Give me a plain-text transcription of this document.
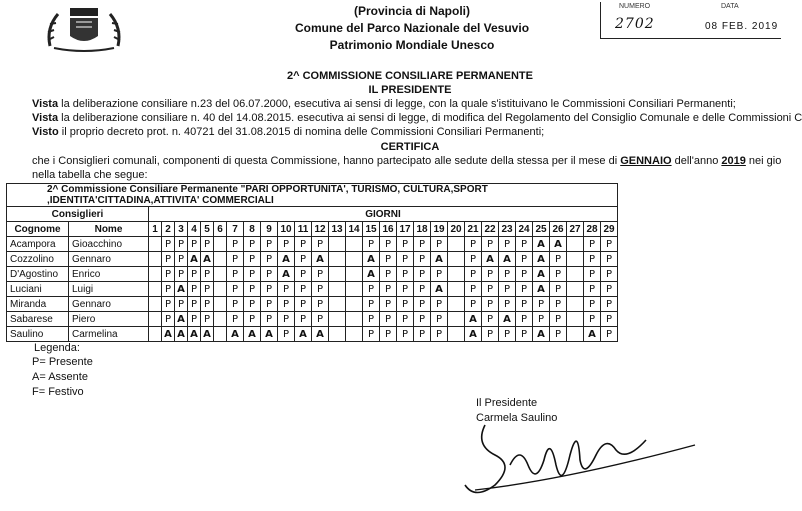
(Provincia di Napoli)
Comune del Parco Nazionale del Vesuvio
Patrimonio Mondiale Unesco
NUMERO	DATA
2702	08 FEB. 2019
2^ COMMISSIONE CONSILIARE PERMANENTE
IL PRESIDENTE
Vista la deliberazione consiliare n.23 del 06.07.2000, esecutiva ai sensi di legge, con la quale s'istituivano le Commissioni Consiliari Permanenti;
Vista la deliberazione consiliare n. 40 del 14.08.2015. esecutiva ai sensi di legge, di modifica del Regolamento del Consiglio Comunale e delle Commissioni C
Visto il proprio decreto prot. n. 40721 del 31.08.2015 di nomina delle Commissioni Consiliari Permanenti;
CERTIFICA
che i Consiglieri comunali, componenti di questa Commissione, hanno partecipato alle sedute della stessa per il mese di GENNAIO dell'anno 2019 nei gio
nella tabella che segue:
2^ Commissione Consiliare Permanente "PARI OPPORTUNITA', TURISMO, CULTURA,SPORT ,IDENTITA'CITTADINA,ATTIVITA' COMMERCIALI																														
Consiglieri		GIORNI																												
Cognome	Nome	1	2	3	4	5	6	7	8	9	10	11	12	13	14	15	16	17	18	19	20	21	22	23	24	25	26	27	28	29
Acampora	Gioacchino		P	P	P	P		P	P	P	P	P	P			P	P	P	P	P		P	P	P	P	A	A		P	P
Cozzolino	Gennaro		P	P	A	A		P	P	P	A	P	A			A	P	P	P	A		P	A	A	P	A	P		P	P
D'Agostino	Enrico		P	P	P	P		P	P	P	A	P	P			A	P	P	P	P		P	P	P	P	A	P		P	P
Luciani	Luigi		P	A	P	P		P	P	P	P	P	P			P	P	P	P	A		P	P	P	P	A	P		P	P
Miranda	Gennaro		P	P	P	P		P	P	P	P	P	P			P	P	P	P	P		P	P	P	P	P	P		P	P
Sabarese	Piero		P	A	P	P		P	P	P	P	P	P			P	P	P	P	P		A	P	A	P	P	P		P	P
Saulino	Carmelina		A	A	A	A		A	A	A	P	A	A			P	P	P	P	P		A	P	P	P	A	P		A	P
Legenda:
P= Presente
A= Assente
F= Festivo
Il Presidente
Carmela Saulino
